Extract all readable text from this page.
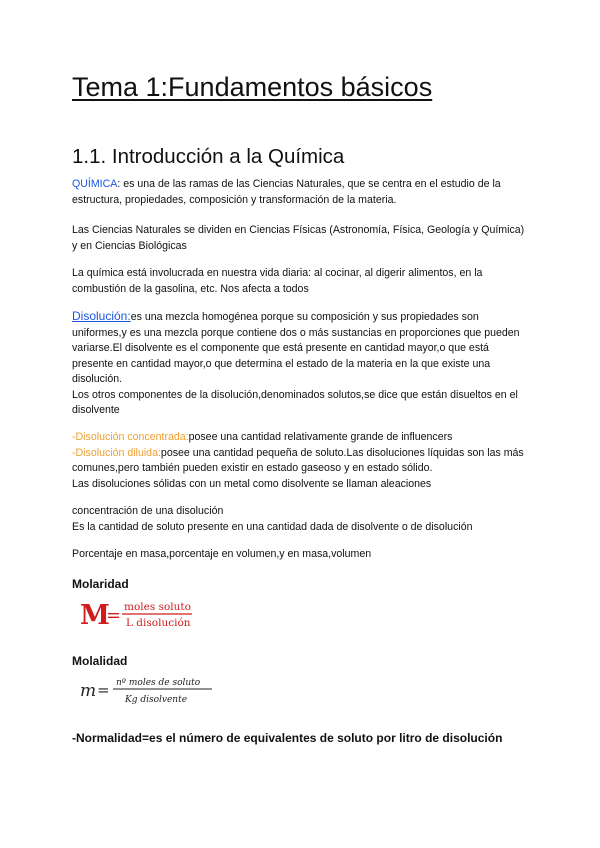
Tema 1:Fundamentos básicos
1.1. Introducción a la Química

QUÍMICA: es una de las ramas de las Ciencias Naturales, que se centra en el estudio de la estructura, propiedades, composición y transformación de la materia.

Las Ciencias Naturales se dividen en Ciencias Físicas (Astronomía, Física, Geología y Química) y en Ciencias Biológicas

La química está involucrada en nuestra vida diaria: al cocinar, al digerir alimentos, en la combustión de la gasolina, etc. Nos afecta a todos

Disolución:es una mezcla homogénea porque su composición y sus propiedades son uniformes,y es una mezcla porque contiene dos o más sustancias en proporciones que pueden variarse.El disolvente es el componente que está presente en cantidad mayor,o que está presente en cantidad mayor,o que determina el estado de la materia en la que existe una disolución.
Los otros componentes de la disolución,denominados solutos,se dice que están disueltos en el disolvente

-Disolución concentrada:posee una cantidad relativamente grande de influencers
-Disolución diluida:posee una cantidad pequeña de soluto.Las disoluciones líquidas son las más comunes,pero también pueden existir en estado gaseoso y en estado sólido.
Las disoluciones sólidas con un metal como disolvente se llaman aleaciones

concentración de una disolución
Es la cantidad de soluto presente en una cantidad dada de disolvente o de disolución

Porcentaje en masa,porcentaje en volumen,y en masa,volumen

Molaridad

M
= moles soluto
L disolución

Molalidad

m = nº moles de soluto
Kg disolvente

-Normalidad=es el número de equivalentes de soluto por litro de disolución
